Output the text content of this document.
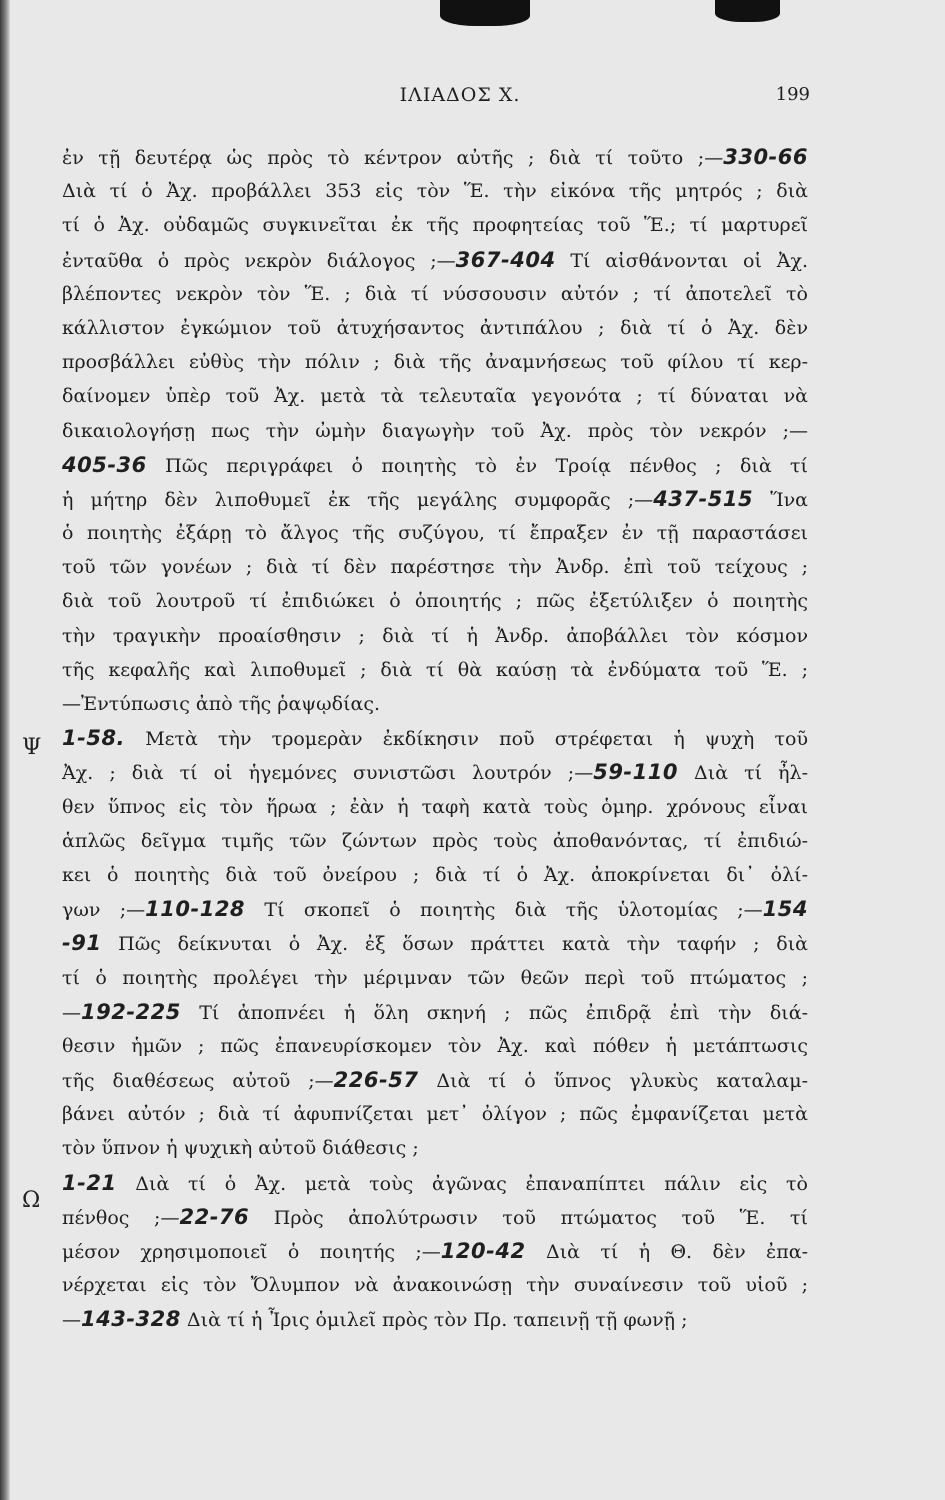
ΙΛΙΑΔΟΣ Χ.	199
Ψ
Ω
ἐν τῇ δευτέρᾳ ὡς πρὸς τὸ κέντρον αὐτῆς ; διὰ τί τοῦτο ;—330-66
Διὰ τί ὁ Ἀχ. προβάλλει 353 εἰς τὸν Ἕ. τὴν εἰκόνα τῆς μητρός ; διὰ
τί ὁ Ἀχ. οὐδαμῶς συγκινεῖται ἐκ τῆς προφητείας τοῦ Ἕ.; τί μαρτυρεῖ
ἐνταῦθα ὁ πρὸς νεκρὸν διάλογος ;—367-404 Τί αἰσθάνονται οἱ Ἀχ.
βλέποντες νεκρὸν τὸν Ἕ. ; διὰ τί νύσσουσιν αὐτόν ; τί ἀποτελεῖ τὸ
κάλλιστον ἐγκώμιον τοῦ ἀτυχήσαντος ἀντιπάλου ; διὰ τί ὁ Ἀχ. δὲν
προσβάλλει εὐθὺς τὴν πόλιν ; διὰ τῆς ἀναμνήσεως τοῦ φίλου τί κερ-
δαίνομεν ὑπὲρ τοῦ Ἀχ. μετὰ τὰ τελευταῖα γεγονότα ; τί δύναται νὰ
δικαιολογήσῃ πως τὴν ὠμὴν διαγωγὴν τοῦ Ἀχ. πρὸς τὸν νεκρόν ;—
405-36 Πῶς περιγράφει ὁ ποιητὴς τὸ ἐν Τροίᾳ πένθος ; διὰ τί
ἡ μήτηρ δὲν λιποθυμεῖ ἐκ τῆς μεγάλης συμφορᾶς ;—437-515 Ἵνα
ὁ ποιητὴς ἐξάρῃ τὸ ἄλγος τῆς συζύγου, τί ἔπραξεν ἐν τῇ παραστάσει
τοῦ τῶν γονέων ; διὰ τί δὲν παρέστησε τὴν Ἀνδρ. ἐπὶ τοῦ τείχους ;
διὰ τοῦ λουτροῦ τί ἐπιδιώκει ὁ ὁποιητής ; πῶς ἐξετύλιξεν ὁ ποιητὴς
τὴν τραγικὴν προαίσθησιν ; διὰ τί ἡ Ἀνδρ. ἀποβάλλει τὸν κόσμον
τῆς κεφαλῆς καὶ λιποθυμεῖ ; διὰ τί θὰ καύσῃ τὰ ἐνδύματα τοῦ Ἕ. ;
—Ἐντύπωσις ἀπὸ τῆς ῥαψῳδίας.
1-58. Μετὰ τὴν τρομερὰν ἐκδίκησιν ποῦ στρέφεται ἡ ψυχὴ τοῦ
Ἀχ. ; διὰ τί οἱ ἡγεμόνες συνιστῶσι λουτρόν ;—59-110 Διὰ τί ἦλ-
θεν ὕπνος εἰς τὸν ἥρωα ; ἐὰν ἡ ταφὴ κατὰ τοὺς ὁμηρ. χρόνους εἶναι
ἁπλῶς δεῖγμα τιμῆς τῶν ζώντων πρὸς τοὺς ἀποθανόντας, τί ἐπιδιώ-
κει ὁ ποιητὴς διὰ τοῦ ὀνείρου ; διὰ τί ὁ Ἀχ. ἀποκρίνεται δι᾽ ὀλί-
γων ;—110-128 Τί σκοπεῖ ὁ ποιητὴς διὰ τῆς ὑλοτομίας ;—154
-91 Πῶς δείκνυται ὁ Ἀχ. ἐξ ὅσων πράττει κατὰ τὴν ταφήν ; διὰ
τί ὁ ποιητὴς προλέγει τὴν μέριμναν τῶν θεῶν περὶ τοῦ πτώματος ;
—192-225 Τί ἀποπνέει ἡ ὅλη σκηνή ; πῶς ἐπιδρᾷ ἐπὶ τὴν διά-
θεσιν ἡμῶν ; πῶς ἐπανευρίσκομεν τὸν Ἀχ. καὶ πόθεν ἡ μετάπτωσις
τῆς διαθέσεως αὐτοῦ ;—226-57 Διὰ τί ὁ ὕπνος γλυκὺς καταλαμ-
βάνει αὐτόν ; διὰ τί ἀφυπνίζεται μετ᾽ ὀλίγον ; πῶς ἐμφανίζεται μετὰ
τὸν ὕπνον ἡ ψυχικὴ αὐτοῦ διάθεσις ;
1-21 Διὰ τί ὁ Ἀχ. μετὰ τοὺς ἀγῶνας ἐπαναπίπτει πάλιν εἰς τὸ
πένθος ;—22-76 Πρὸς ἀπολύτρωσιν τοῦ πτώματος τοῦ Ἕ. τί
μέσον χρησιμοποιεῖ ὁ ποιητής ;—120-42 Διὰ τί ἡ Θ. δὲν ἐπα-
νέρχεται εἰς τὸν Ὄλυμπον νὰ ἀνακοινώσῃ τὴν συναίνεσιν τοῦ υἱοῦ ;
—143-328 Διὰ τί ἡ Ἶρις ὁμιλεῖ πρὸς τὸν Πρ. ταπεινῇ τῇ φωνῇ ;
